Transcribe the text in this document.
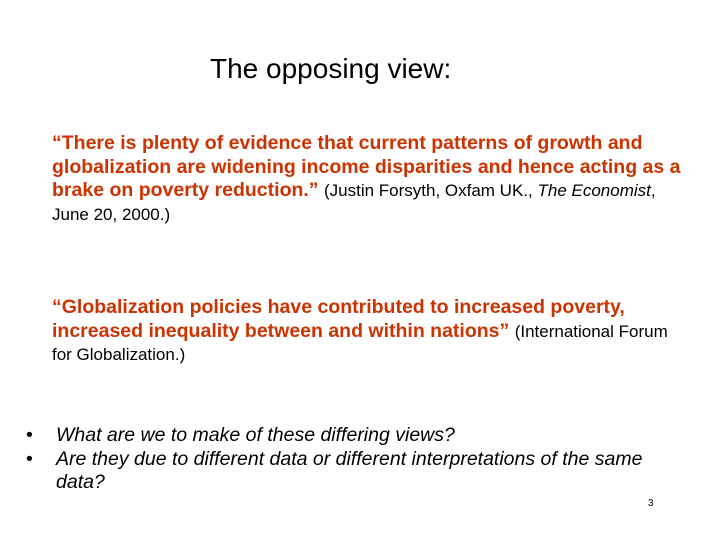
The opposing view:
“There is plenty of evidence that current patterns of growth and globalization are widening income disparities and hence acting as a brake on poverty reduction.” (Justin Forsyth, Oxfam UK., The Economist, June 20, 2000.)
“Globalization policies have contributed to increased poverty, increased inequality between and within nations” (International Forum for Globalization.)
• What are we to make of these differing views?
• Are they due to different data or different interpretations of the same data?
3
